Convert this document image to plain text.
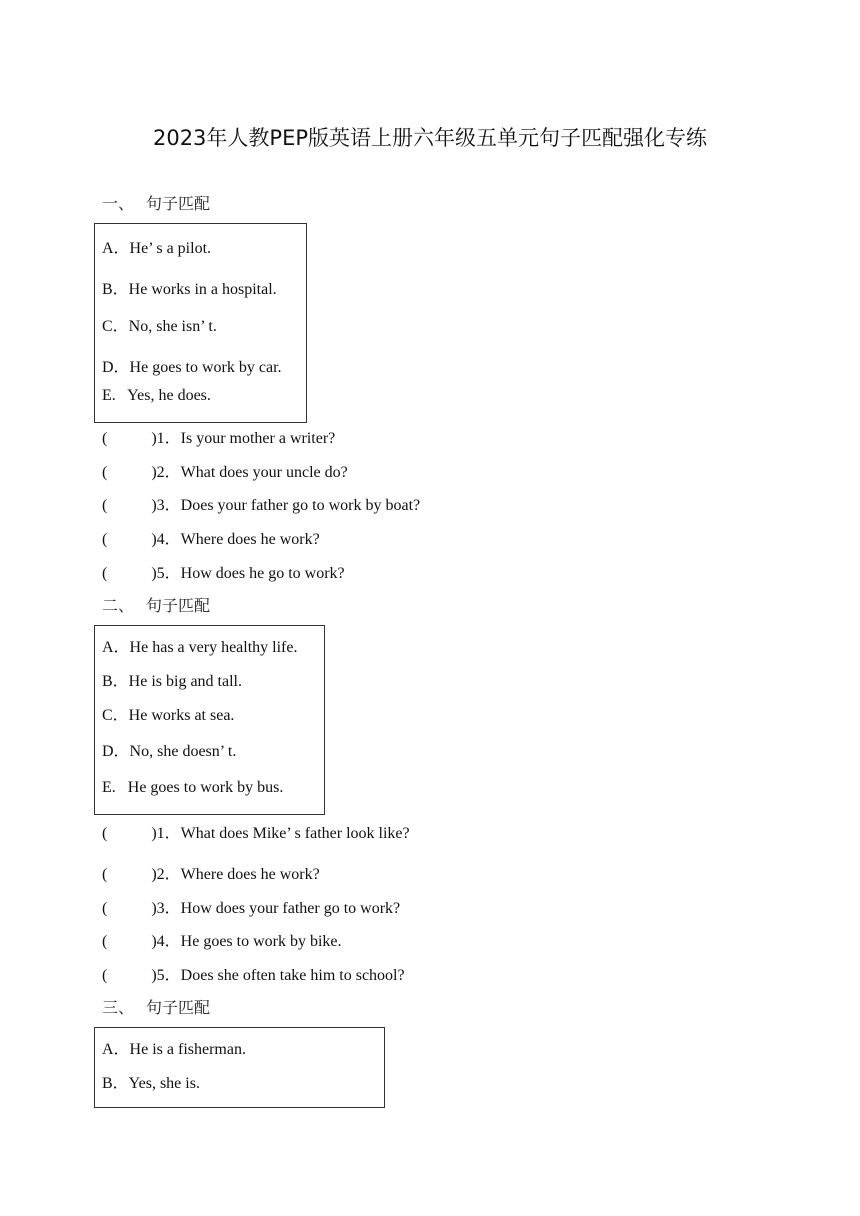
2023年人教PEP版英语上册六年级五单元句子匹配强化专练
一、 句子匹配
A．He’ s a pilot.
B．He works in a hospital.
C．No, she isn’ t.
D．He goes to work by car.
E.   Yes, he does.
(           )1．Is your mother a writer?
(           )2．What does your uncle do?
(           )3．Does your father go to work by boat?
(           )4．Where does he work?
(           )5．How does he go to work?
二、 句子匹配
A．He has a very healthy life.
B．He is big and tall.
C．He works at sea.
D．No, she doesn’ t.
E.   He goes to work by bus.
(           )1．What does Mike’ s father look like?
(           )2．Where does he work?
(           )3．How does your father go to work?
(           )4．He goes to work by bike.
(           )5．Does she often take him to school?
三、 句子匹配
A．He is a fisherman.
B．Yes, she is.
